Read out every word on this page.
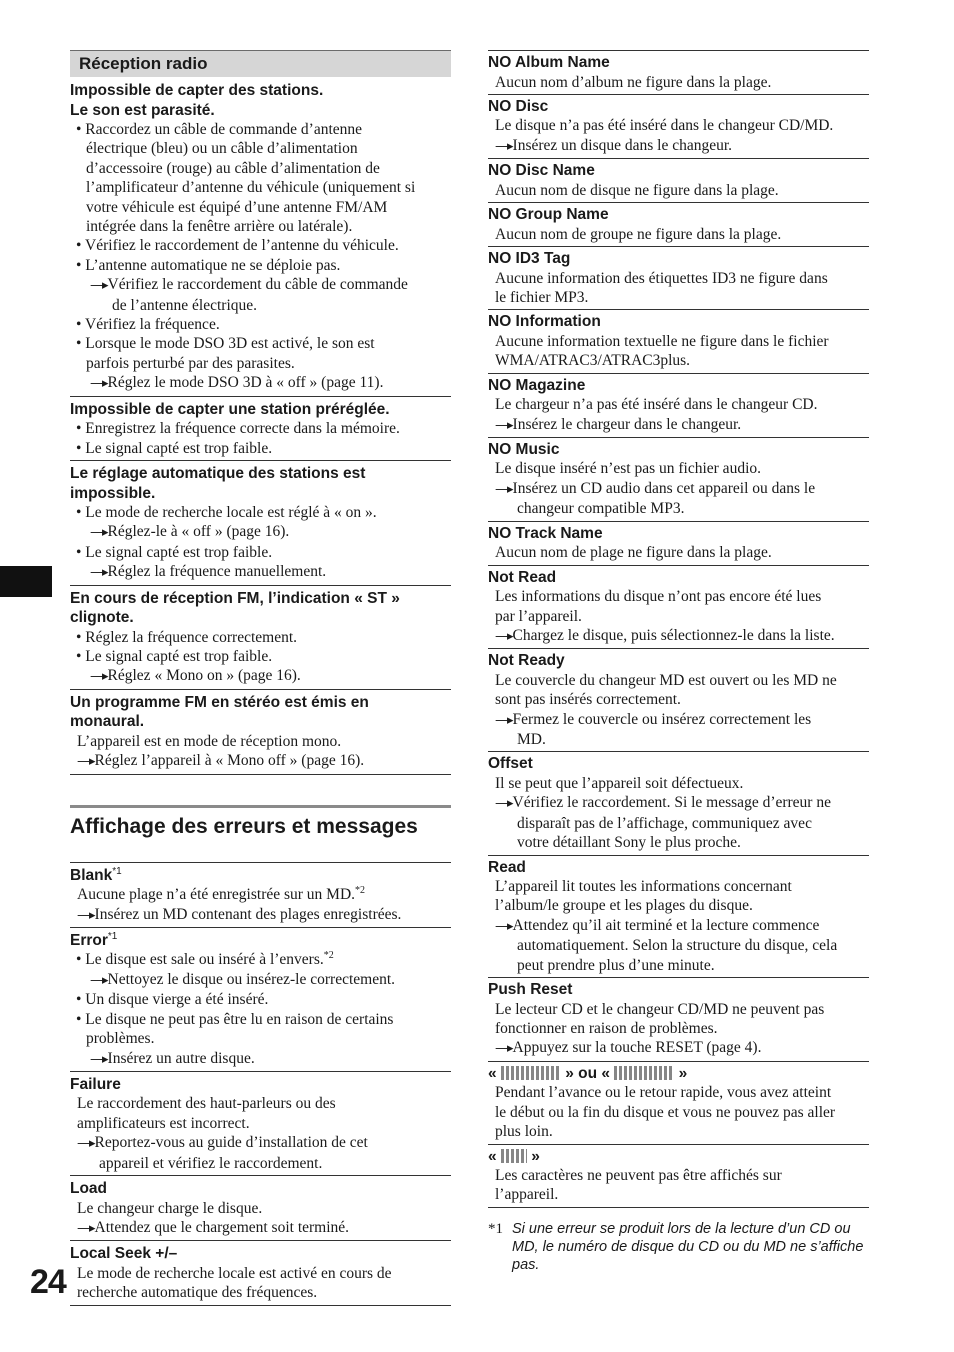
24
Réception radio
Impossible de capter des stations.
Le son est parasité.
• Raccordez un câble de commande d’antenne
électrique (bleu) ou un câble d’alimentation
d’accessoire (rouge) au câble d’alimentation de
l’amplificateur d’antenne du véhicule (uniquement si
votre véhicule est équipé d’une antenne FM/AM
intégrée dans la fenêtre arrière ou latérale).
• Vérifiez le raccordement de l’antenne du véhicule.
• L’antenne automatique ne se déploie pas.
—▸Vérifiez le raccordement du câble de commande
de l’antenne électrique.
• Vérifiez la fréquence.
• Lorsque le mode DSO 3D est activé, le son est
parfois perturbé par des parasites.
—▸Réglez le mode DSO 3D à « off » (page 11).
Impossible de capter une station préréglée.
• Enregistrez la fréquence correcte dans la mémoire.
• Le signal capté est trop faible.
Le réglage automatique des stations est
impossible.
• Le mode de recherche locale est réglé à « on ».
—▸Réglez-le à « off » (page 16).
• Le signal capté est trop faible.
—▸Réglez la fréquence manuellement.
En cours de réception FM, l’indication « ST »
clignote.
• Réglez la fréquence correctement.
• Le signal capté est trop faible.
—▸Réglez « Mono on » (page 16).
Un programme FM en stéréo est émis en
monaural.
L’appareil est en mode de réception mono.
—▸Réglez l’appareil à « Mono off » (page 16).
Affichage des erreurs et messages
Blank$^{*1}$
Aucune plage n’a été enregistrée sur un MD.$^{*2}$
—▸Insérez un MD contenant des plages enregistrées.
Error$^{*1}$
• Le disque est sale ou inséré à l’envers.$^{*2}$
—▸Nettoyez le disque ou insérez-le correctement.
• Un disque vierge a été inséré.
• Le disque ne peut pas être lu en raison de certains
problèmes.
—▸Insérez un autre disque.
Failure
Le raccordement des haut-parleurs ou des
amplificateurs est incorrect.
—▸Reportez-vous au guide d’installation de cet
appareil et vérifiez le raccordement.
Load
Le changeur charge le disque.
—▸Attendez que le chargement soit terminé.
Local Seek +/–
Le mode de recherche locale est activé en cours de
recherche automatique des fréquences.
NO Album Name
Aucun nom d’album ne figure dans la plage.
NO Disc
Le disque n’a pas été inséré dans le changeur CD/MD.
—▸Insérez un disque dans le changeur.
NO Disc Name
Aucun nom de disque ne figure dans la plage.
NO Group Name
Aucun nom de groupe ne figure dans la plage.
NO ID3 Tag
Aucune information des étiquettes ID3 ne figure dans
le fichier MP3.
NO Information
Aucune information textuelle ne figure dans le fichier
WMA/ATRAC3/ATRAC3plus.
NO Magazine
Le chargeur n’a pas été inséré dans le changeur CD.
—▸Insérez le chargeur dans le changeur.
NO Music
Le disque inséré n’est pas un fichier audio.
—▸Insérez un CD audio dans cet appareil ou dans le
changeur compatible MP3.
NO Track Name
Aucun nom de plage ne figure dans la plage.
Not Read
Les informations du disque n’ont pas encore été lues
par l’appareil.
—▸Chargez le disque, puis sélectionnez-le dans la liste.
Not Ready
Le couvercle du changeur MD est ouvert ou les MD ne
sont pas insérés correctement.
—▸Fermez le couvercle ou insérez correctement les
MD.
Offset
Il se peut que l’appareil soit défectueux.
—▸Vérifiez le raccordement. Si le message d’erreur ne
disparaît pas de l’affichage, communiquez avec
votre détaillant Sony le plus proche.
Read
L’appareil lit toutes les informations concernant
l’album/le groupe et les plages du disque.
—▸Attendez qu’il ait terminé et la lecture commence
automatiquement. Selon la structure du disque, cela
peut prendre plus d’une minute.
Push Reset
Le lecteur CD et le changeur CD/MD ne peuvent pas
fonctionner en raison de problèmes.
—▸Appuyez sur la touche RESET (page 4).
«	» ou «	»
Pendant l’avance ou le retour rapide, vous avez atteint
le début ou la fin du disque et vous ne pouvez pas aller
plus loin.
« »
Les caractères ne peuvent pas être affichés sur
l’appareil.
*1 Si une erreur se produit lors de la lecture d’un CD ou MD, le numéro de disque du CD ou du MD ne s’affiche pas.
